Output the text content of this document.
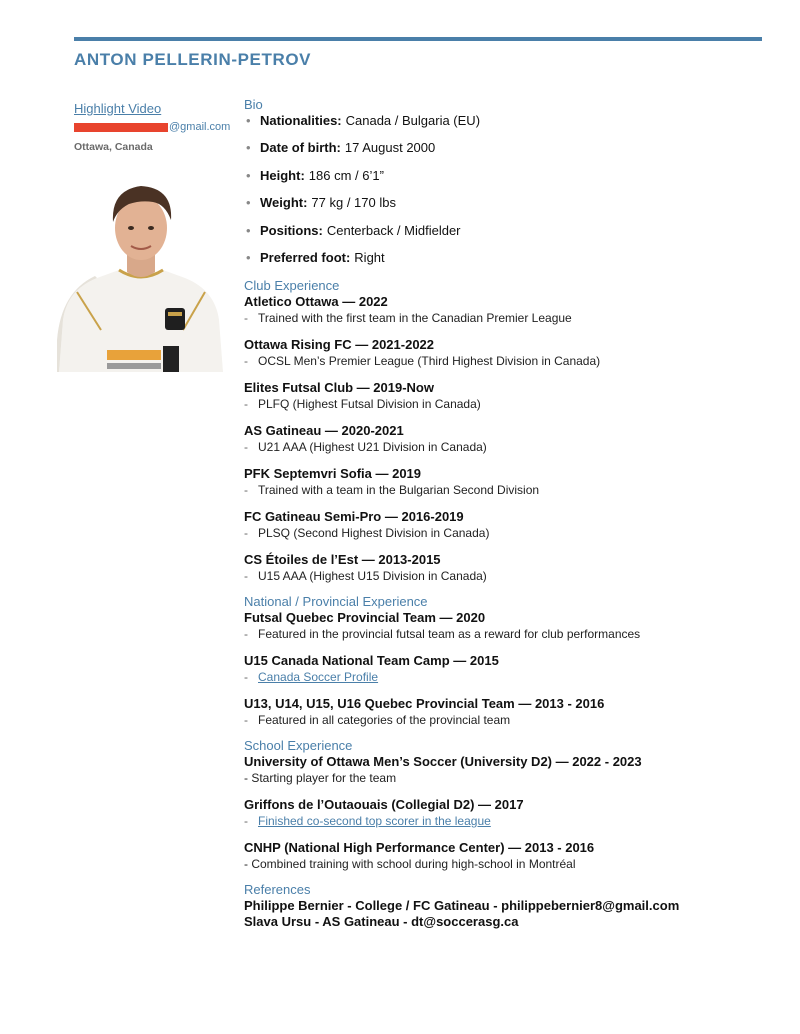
ANTON PELLERIN-PETROV
Highlight Video
@gmail.com
Ottawa, Canada
Bio
• Nationalities: Canada / Bulgaria (EU)
• Date of birth: 17 August 2000
• Height: 186 cm / 6’1”
• Weight: 77 kg / 170 lbs
• Positions: Centerback / Midfielder
• Preferred foot: Right
Club Experience
Atletico Ottawa — 2022
- Trained with the first team in the Canadian Premier League
Ottawa Rising FC — 2021-2022
- OCSL Men’s Premier League (Third Highest Division in Canada)
Elites Futsal Club — 2019-Now
- PLFQ (Highest Futsal Division in Canada)
AS Gatineau — 2020-2021
- U21 AAA (Highest U21 Division in Canada)
PFK Septemvri Sofia — 2019
- Trained with a team in the Bulgarian Second Division
FC Gatineau Semi-Pro — 2016-2019
- PLSQ (Second Highest Division in Canada)
CS Étoiles de l’Est — 2013-2015
- U15 AAA (Highest U15 Division in Canada)
National / Provincial Experience
Futsal Quebec Provincial Team — 2020
- Featured in the provincial futsal team as a reward for club performances
U15 Canada National Team Camp — 2015
- Canada Soccer Profile
U13, U14, U15, U16 Quebec Provincial Team — 2013 - 2016
- Featured in all categories of the provincial team
School Experience
University of Ottawa Men’s Soccer (University D2) — 2022 - 2023
- Starting player for the team
Griffons de l’Outaouais (Collegial D2) — 2017
- Finished co-second top scorer in the league
CNHP (National High Performance Center) — 2013 - 2016
- Combined training with school during high-school in Montréal
References
Philippe Bernier - College / FC Gatineau - philippebernier8@gmail.com
Slava Ursu - AS Gatineau - dt@soccerasg.ca
